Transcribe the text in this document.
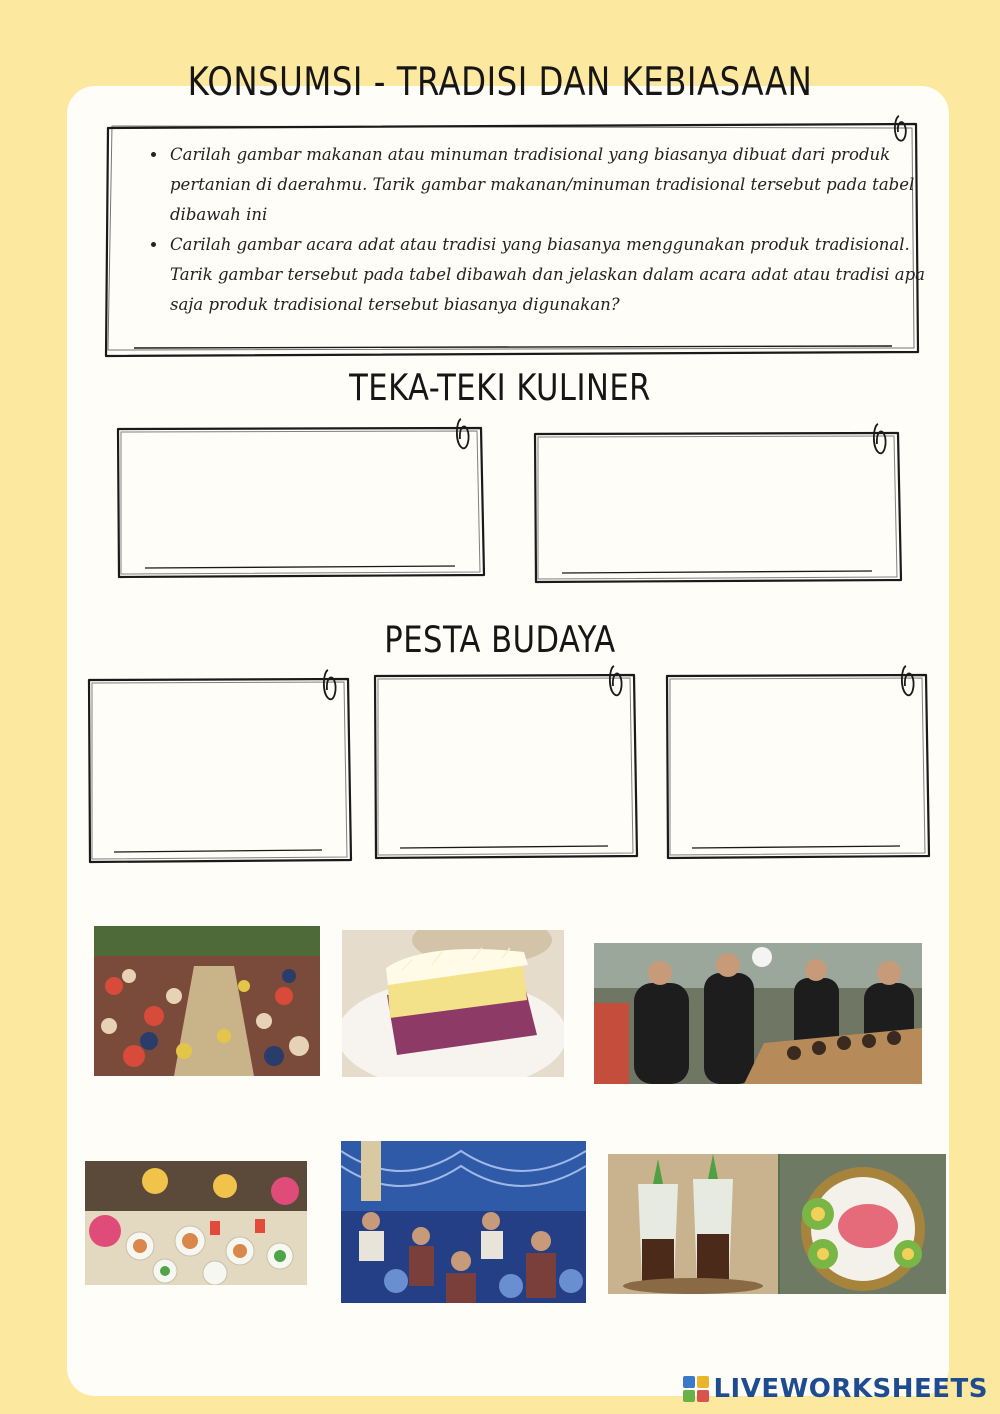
KONSUMSI - TRADISI DAN KEBIASAAN
• Carilah gambar makanan atau minuman tradisional yang biasanya dibuat dari produk pertanian di daerahmu. Tarik gambar makanan/minuman tradisional tersebut pada tabel dibawah ini
• Carilah gambar acara adat atau tradisi yang biasanya menggunakan produk tradisional. Tarik gambar tersebut pada tabel dibawah dan jelaskan dalam acara adat atau tradisi apa saja produk tradisional tersebut biasanya digunakan?
TEKA-TEKI KULINER
PESTA BUDAYA
LIVEWORKSHEETS
